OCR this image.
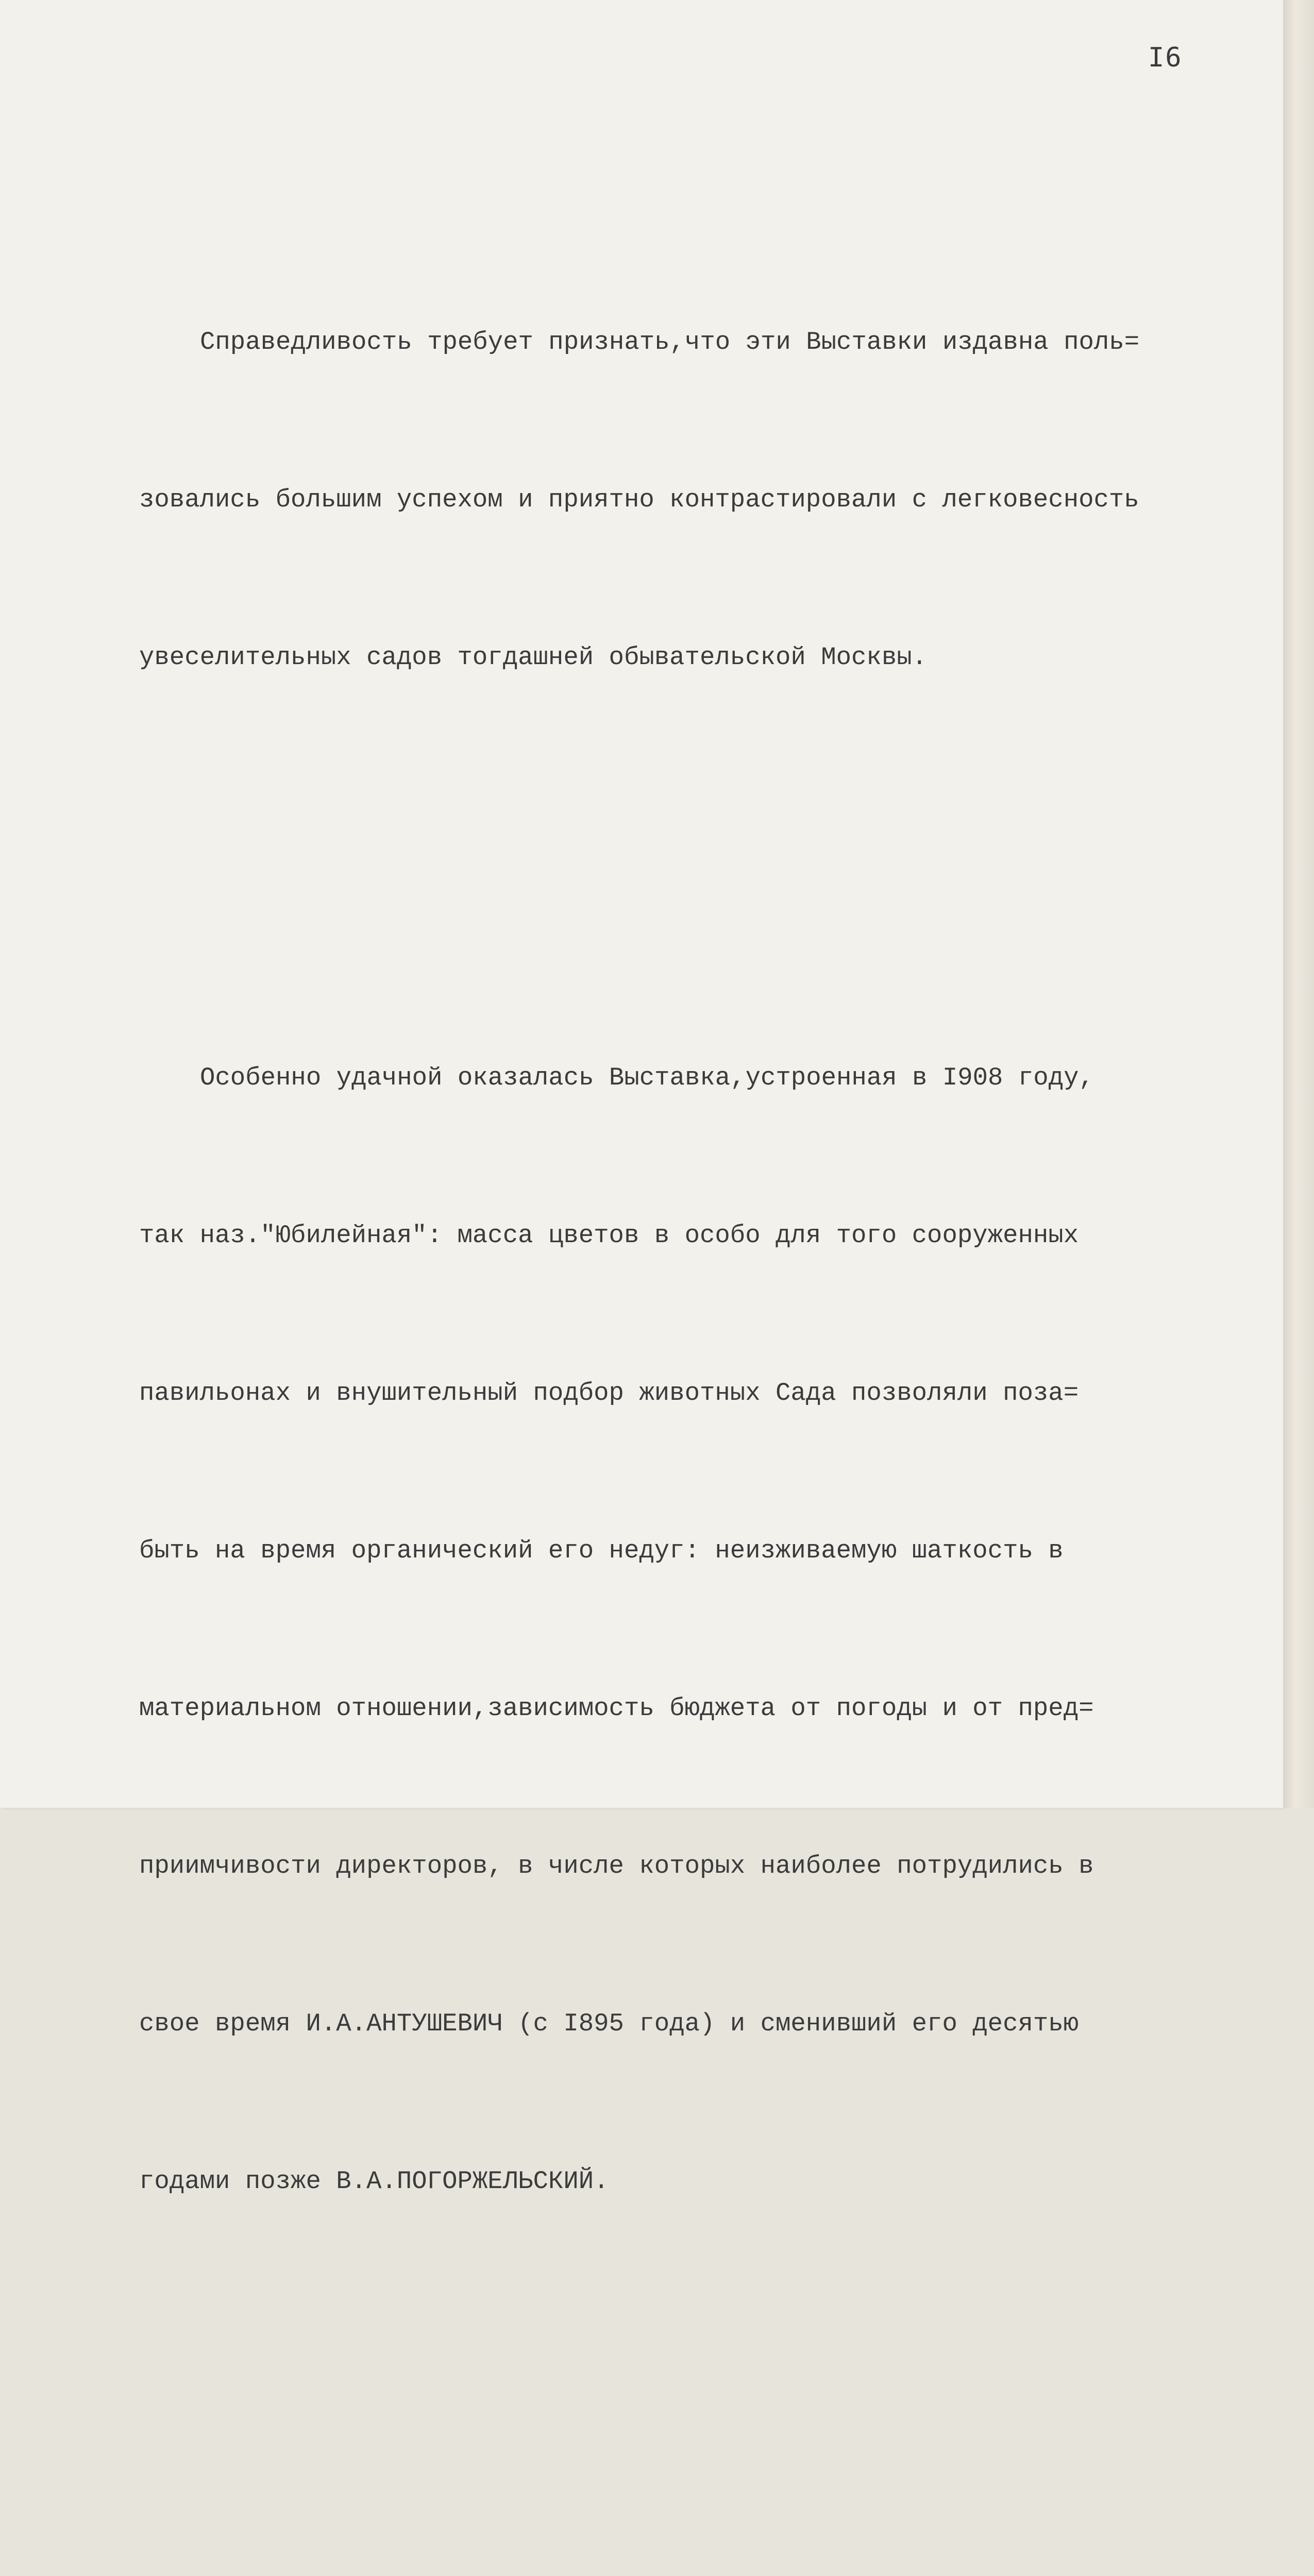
I6

Справедливость требует признать,что эти Выставки издавна поль=

зовались большим успехом и приятно контрастировали с легковесность

увеселительных садов тогдашней обывательской Москвы.

Особенно удачной оказалась Выставка,устроенная в I908 году,

так наз."Юбилейная": масса цветов в особо для того сооруженных

павильонах и внушительный подбор животных Сада позволяли поза=

быть на время органический его недуг: неизживаемую шаткость в

материальном отношении,зависимость бюджета от погоды и от пред=

приимчивости директоров, в числе которых наиболее потрудились в

свое время И.А.АНТУШЕВИЧ (с I895 года) и сменивший его десятью

годами позже В.А.ПОГОРЖЕЛЬСКИЙ.
